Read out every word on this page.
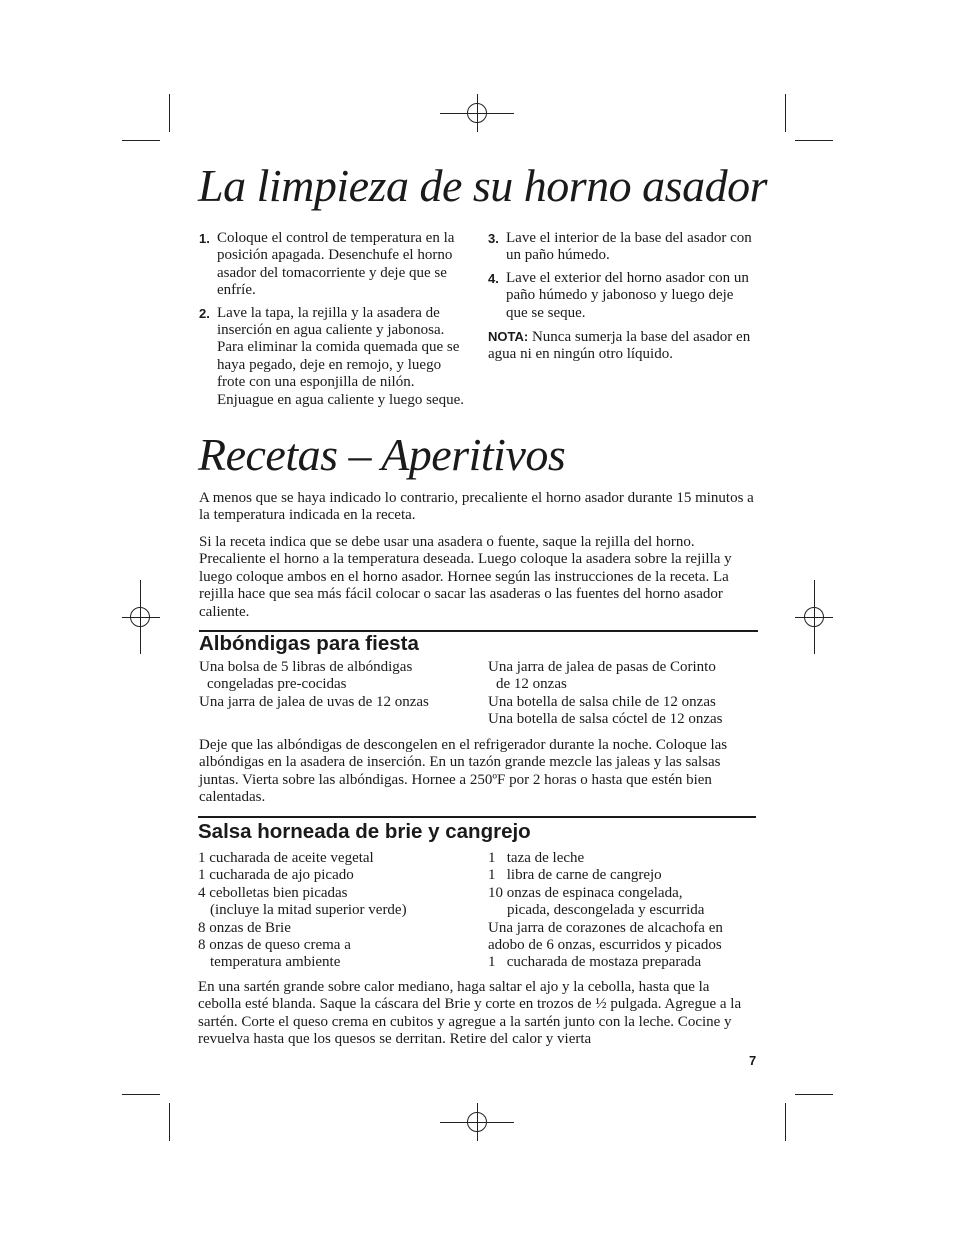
La limpieza de su horno asador
1. Coloque el control de temperatura en la posición apagada. Desenchufe el horno asador del tomacorriente y deje que se enfríe.
2. Lave la tapa, la rejilla y la asadera de inserción en agua caliente y jabonosa. Para eliminar la comida quemada que se haya pegado, deje en remojo, y luego frote con una esponjilla de nilón. Enjuague en agua caliente y luego seque.
3. Lave el interior de la base del asador con un paño húmedo.
4. Lave el exterior del horno asador con un paño húmedo y jabonoso y luego deje que se seque.

NOTA: Nunca sumerja la base del asador en agua ni en ningún otro líquido.

Recetas – Aperitivos

A menos que se haya indicado lo contrario, precaliente el horno asador durante 15 minutos a la temperatura indicada en la receta.

Si la receta indica que se debe usar una asadera o fuente, saque la rejilla del horno. Precaliente el horno a la temperatura deseada. Luego coloque la asadera sobre la rejilla y luego coloque ambos en el horno asador. Hornee según las instrucciones de la receta. La rejilla hace que sea más fácil colocar o sacar las asaderas o las fuentes del horno asador caliente.

Albóndigas para fiesta
Una bolsa de 5 libras de albóndigas
congeladas pre-cocidas
Una jarra de jalea de uvas de 12 onzas
Una jarra de jalea de pasas de Corinto
de 12 onzas
Una botella de salsa chile de 12 onzas
Una botella de salsa cóctel de 12 onzas

Deje que las albóndigas de descongelen en el refrigerador durante la noche. Coloque las albóndigas en la asadera de inserción. En un tazón grande mezcle las jaleas y las salsas juntas. Vierta sobre las albóndigas. Hornee a 250ºF por 2 horas o hasta que estén bien calentadas.

Salsa horneada de brie y cangrejo
1 cucharada de aceite vegetal
1 cucharada de ajo picado
4 cebolletas bien picadas
(incluye la mitad superior verde)
8 onzas de Brie
8 onzas de queso crema a
temperatura ambiente
1   taza de leche
1   libra de carne de cangrejo
10 onzas de espinaca congelada,
picada, descongelada y escurrida
Una jarra de corazones de alcachofa en
adobo de 6 onzas, escurridos y picados
1   cucharada de mostaza preparada

En una sartén grande sobre calor mediano, haga saltar el ajo y la cebolla, hasta que la cebolla esté blanda. Saque la cáscara del Brie y corte en trozos de ½ pulgada. Agregue a la sartén. Corte el queso crema en cubitos y agregue a la sartén junto con la leche. Cocine y revuelva hasta que los quesos se derritan. Retire del calor y vierta

7
